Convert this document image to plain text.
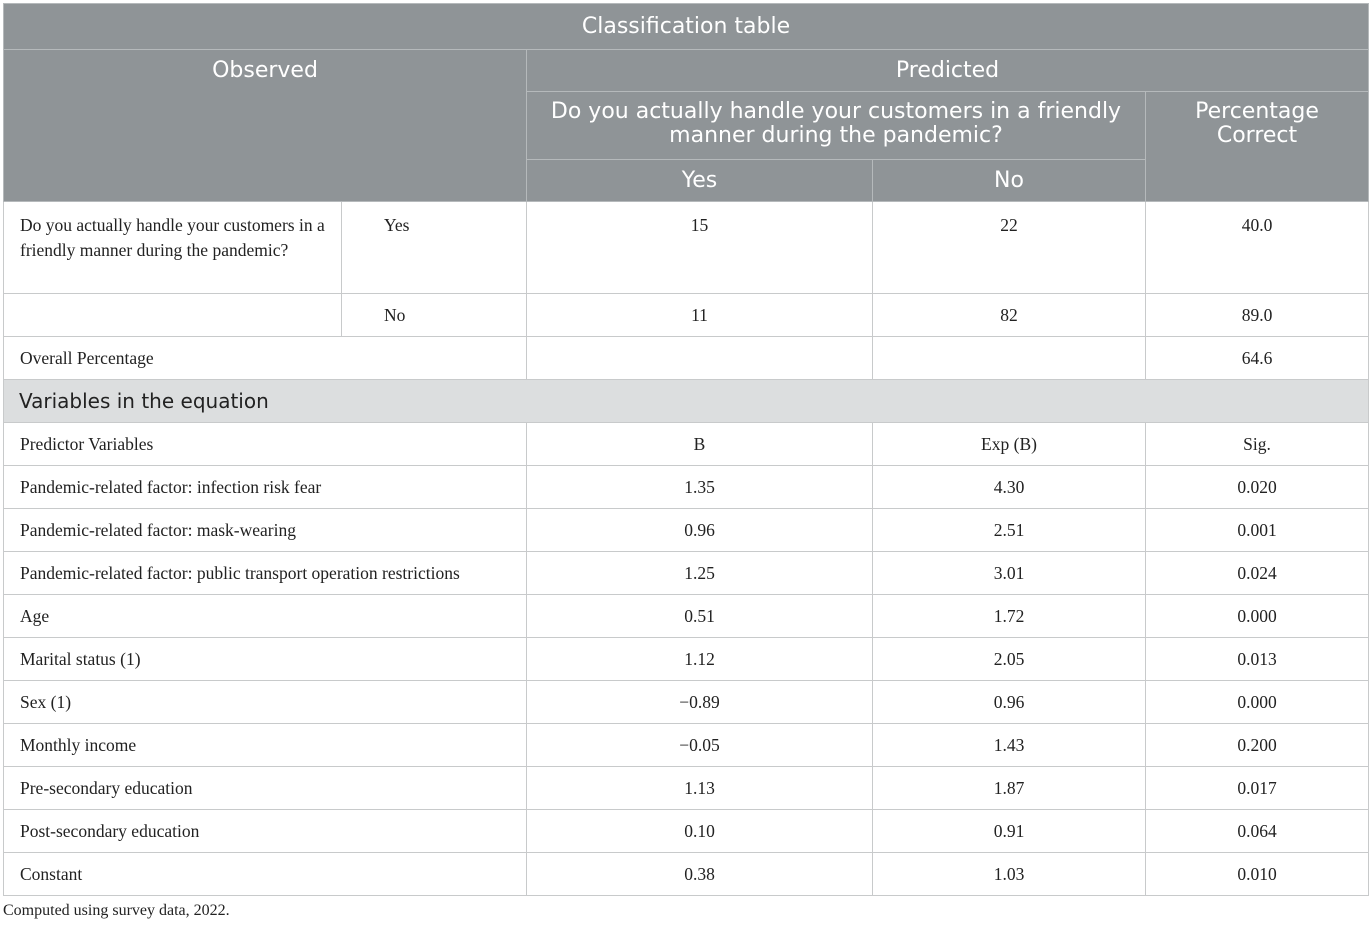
Classification table				
Observed		Predicted		
		Do you actually handle your customers in a friendly manner during the pandemic?		Percentage Correct
		Yes	No	
Do you actually handle your customers in a friendly manner during the pandemic?	Yes	15	22	40.0
	No	11	82	89.0
Overall Percentage				64.6
Variables in the equation				
Predictor Variables		B	Exp (B)	Sig.
Pandemic-related factor: infection risk fear		1.35	4.30	0.020
Pandemic-related factor: mask-wearing		0.96	2.51	0.001
Pandemic-related factor: public transport operation restrictions		1.25	3.01	0.024
Age		0.51	1.72	0.000
Marital status (1)		1.12	2.05	0.013
Sex (1)		−0.89	0.96	0.000
Monthly income		−0.05	1.43	0.200
Pre-secondary education		1.13	1.87	0.017
Post-secondary education		0.10	0.91	0.064
Constant		0.38	1.03	0.010
Computed using survey data, 2022.
